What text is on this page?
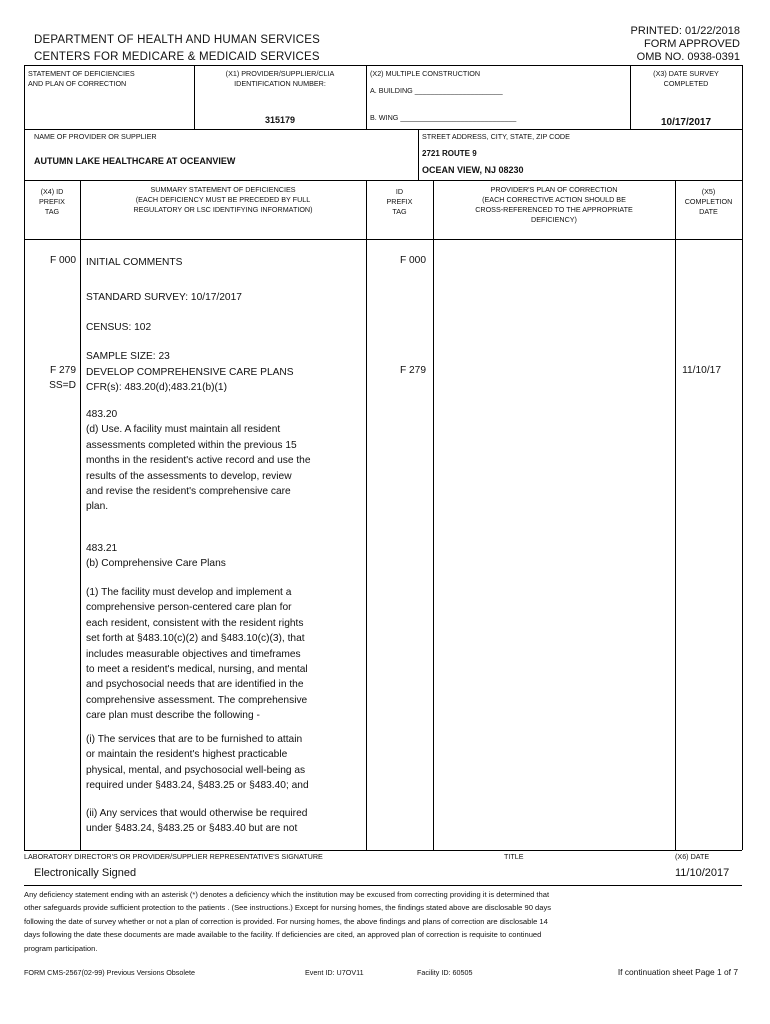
DEPARTMENT OF HEALTH AND HUMAN SERVICES
CENTERS FOR MEDICARE & MEDICAID SERVICES
PRINTED: 01/22/2018
FORM APPROVED
OMB NO. 0938-0391
STATEMENT OF DEFICIENCIES
AND PLAN OF CORRECTION
(X1) PROVIDER/SUPPLIER/CLIA
IDENTIFICATION NUMBER:
315179
(X2) MULTIPLE CONSTRUCTION
A. BUILDING ______________________
B. WING _____________________________
(X3) DATE SURVEY
COMPLETED
10/17/2017
NAME OF PROVIDER OR SUPPLIER
AUTUMN LAKE HEALTHCARE AT OCEANVIEW
STREET ADDRESS, CITY, STATE, ZIP CODE
2721 ROUTE 9
OCEAN VIEW, NJ 08230
(X4) ID
PREFIX
TAG
SUMMARY STATEMENT OF DEFICIENCIES
(EACH DEFICIENCY MUST BE PRECEDED BY FULL
REGULATORY OR LSC IDENTIFYING INFORMATION)
ID
PREFIX
TAG
PROVIDER'S PLAN OF CORRECTION
(EACH CORRECTIVE ACTION SHOULD BE
CROSS-REFERENCED TO THE APPROPRIATE
DEFICIENCY)
(X5)
COMPLETION
DATE
F 000 INITIAL COMMENTS	F 000
STANDARD SURVEY: 10/17/2017
CENSUS: 102
SAMPLE SIZE: 23
F 279
SS=D
DEVELOP COMPREHENSIVE CARE PLANS
CFR(s): 483.20(d);483.21(b)(1)
F 279	11/10/17
483.20
(d) Use. A facility must maintain all resident
assessments completed within the previous 15
months in the resident's active record and use the
results of the assessments to develop, review
and revise the resident's comprehensive care
plan.
483.21
(b) Comprehensive Care Plans
(1) The facility must develop and implement a
comprehensive person-centered care plan for
each resident, consistent with the resident rights
set forth at §483.10(c)(2) and §483.10(c)(3), that
includes measurable objectives and timeframes
to meet a resident's medical, nursing, and mental
and psychosocial needs that are identified in the
comprehensive assessment. The comprehensive
care plan must describe the following -
(i) The services that are to be furnished to attain
or maintain the resident's highest practicable
physical, mental, and psychosocial well-being as
required under §483.24, §483.25 or §483.40; and
(ii) Any services that would otherwise be required
under §483.24, §483.25 or §483.40 but are not
LABORATORY DIRECTOR'S OR PROVIDER/SUPPLIER REPRESENTATIVE'S SIGNATURE	TITLE	(X6) DATE
Electronically Signed	11/10/2017
Any deficiency statement ending with an asterisk (*) denotes a deficiency which the institution may be excused from correcting providing it is determined that
other safeguards provide sufficient protection to the patients . (See instructions.) Except for nursing homes, the findings stated above are disclosable 90 days
following the date of survey whether or not a plan of correction is provided. For nursing homes, the above findings and plans of correction are disclosable 14
days following the date these documents are made available to the facility. If deficiencies are cited, an approved plan of correction is requisite to continued
program participation.
FORM CMS-2567(02-99) Previous Versions Obsolete	Event ID: U7OV11	Facility ID: 60505	If continuation sheet Page 1 of 7
